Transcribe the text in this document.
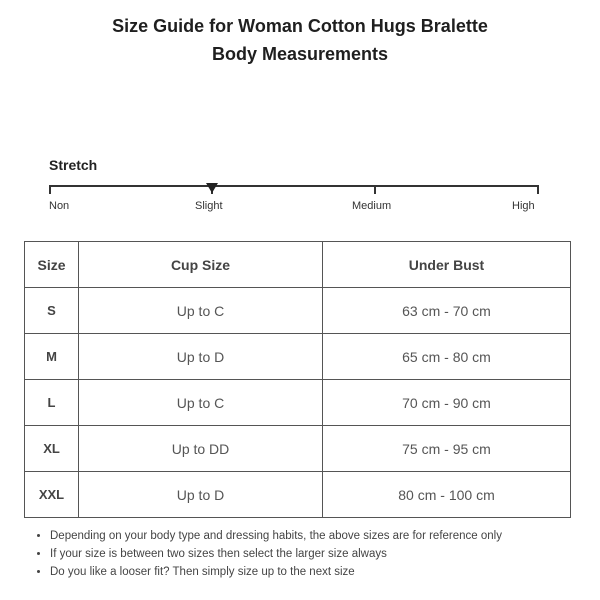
Size Guide for Woman Cotton Hugs Bralette
Body Measurements
Stretch
Non	Slight	Medium	High
Size	Cup Size	Under Bust
S	Up to C	63 cm - 70 cm
M	Up to D	65 cm - 80 cm
L	Up to C	70 cm - 90 cm
XL	Up to DD	75 cm - 95 cm
XXL	Up to D	80 cm - 100 cm
• Depending on your body type and dressing habits, the above sizes are for reference only
• If your size is between two sizes then select the larger size always
• Do you like a looser fit? Then simply size up to the next size
